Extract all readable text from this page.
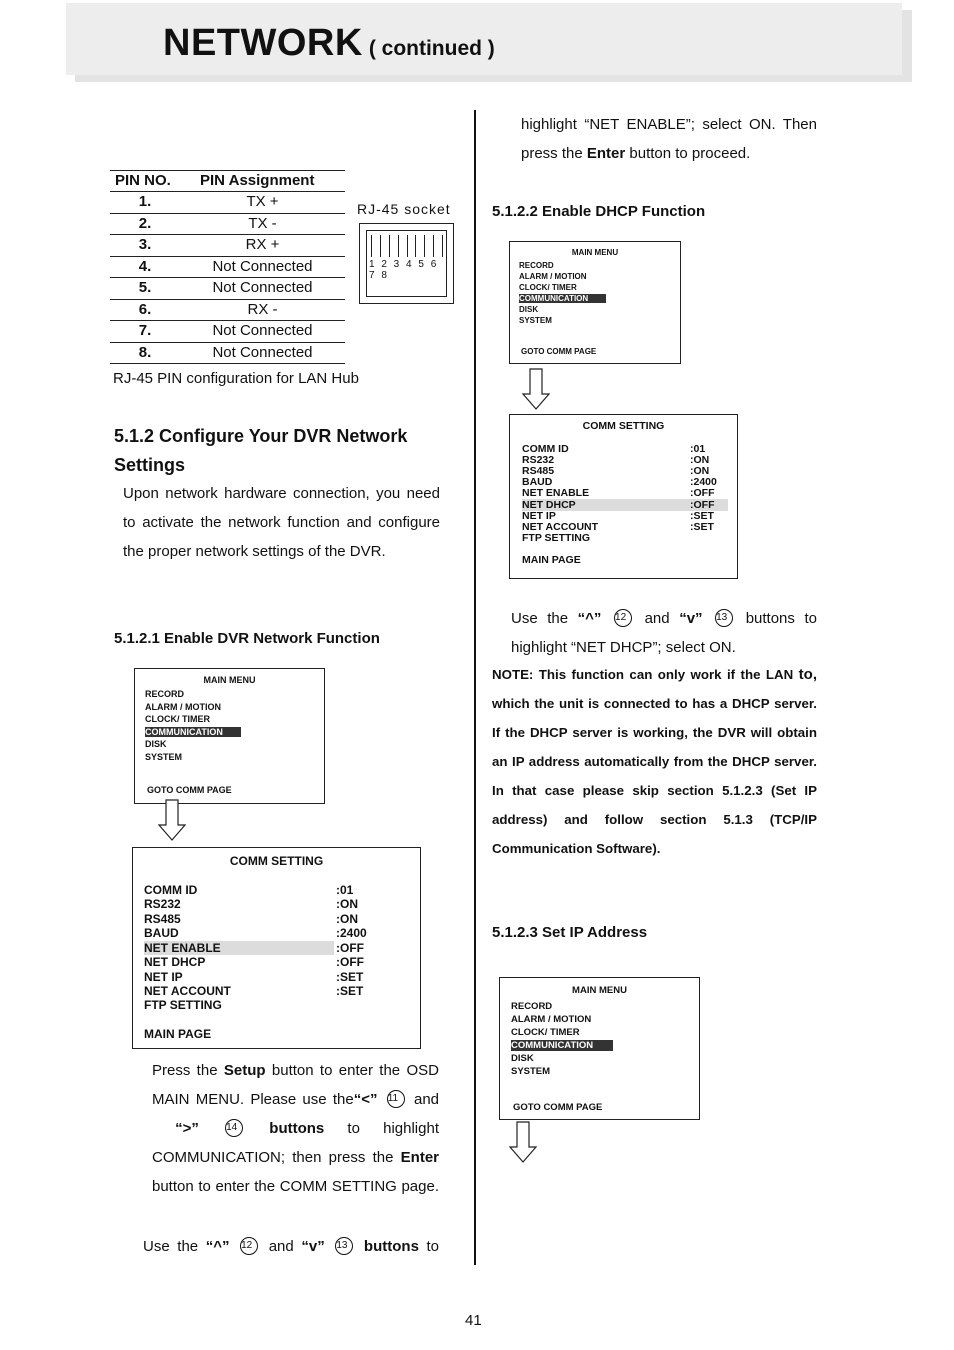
NETWORK ( continued )
PIN NO.	PIN Assignment
1.	TX +
2.	TX -
3.	RX +
4.	Not Connected
5.	Not Connected
6.	RX -
7.	Not Connected
8.	Not Connected
RJ-45 socket
1 2 3 4 5 6 7 8
RJ-45 PIN configuration for LAN Hub
5.1.2 Configure Your DVR Network Settings
Upon network hardware connection, you need to activate the network function and configure the proper network settings of the DVR.
5.1.2.1 Enable DVR Network Function
MAIN MENU
RECORD
ALARM / MOTION
CLOCK/ TIMER
COMMUNICATION
DISK
SYSTEM
GOTO COMM PAGE
COMM SETTING
COMM ID	:01
RS232	:ON
RS485	:ON
BAUD	:2400
NET ENABLE	:OFF
NET DHCP	:OFF
NET IP	:SET
NET ACCOUNT	:SET
FTP SETTING
MAIN PAGE
Press the Setup button to enter the OSD MAIN MENU. Please use the“<” 11 and  “>”	14 buttons to highlight COMMUNICATION; then press the Enter button to enter the COMM SETTING page.
Use the “^” 12 and “v” 13 buttons to
highlight “NET ENABLE”; select ON. Then press the Enter button to proceed.
5.1.2.2 Enable DHCP Function
MAIN MENU
RECORD
ALARM / MOTION
CLOCK/ TIMER
COMMUNICATION
DISK
SYSTEM
GOTO COMM PAGE
COMM SETTING
COMM ID	:01
RS232	:ON
RS485	:ON
BAUD	:2400
NET ENABLE	:OFF
NET DHCP	:OFF
NET IP	:SET
NET ACCOUNT	:SET
FTP SETTING
MAIN PAGE
Use the “^” 12 and “v” 13 buttons to highlight “NET DHCP”; select ON.
NOTE: This function can only work if the LAN to, which the unit is connected to has a DHCP server. If the DHCP server is working, the DVR will obtain an IP address automatically from the DHCP server. In that case please skip section 5.1.2.3 (Set IP address) and follow section 5.1.3 (TCP/IP Communication Software).
5.1.2.3 Set IP Address
MAIN MENU
RECORD
ALARM / MOTION
CLOCK/ TIMER
COMMUNICATION
DISK
SYSTEM
GOTO COMM PAGE
41
